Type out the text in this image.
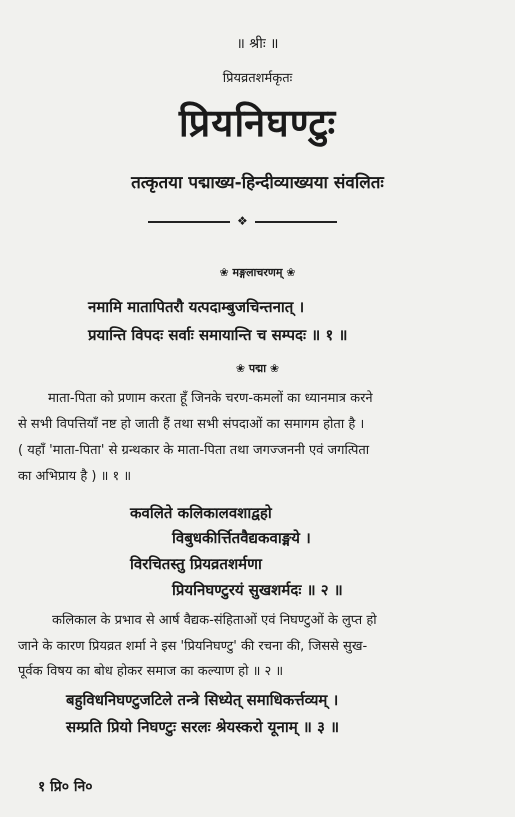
॥ श्रीः ॥
प्रियव्रतशर्मकृतः
प्रियनिघण्टुः
तत्कृतया पद्माख्य-हिन्दीव्याख्यया संवलितः
❖
❀ मङ्गलाचरणम् ❀
नमामि मातापितरौ यत्पदाम्बुजचिन्तनात् ।
प्रयान्ति विपदः सर्वाः समायान्ति च सम्पदः ॥ १ ॥
❀ पद्मा ❀
माता-पिता को प्रणाम करता हूँ जिनके चरण-कमलों का ध्यानमात्र करने
से सभी विपत्तियाँ नष्ट हो जाती हैं तथा सभी संपदाओं का समागम होता है ।
( यहाँ 'माता-पिता' से ग्रन्थकार के माता-पिता तथा जगज्जननी एवं जगत्पिता
का अभिप्राय है ) ॥ १ ॥
कवलिते कलिकालवशाद्वहो
विबुधकीर्त्तितवैद्यकवाङ्मये ।
विरचितस्तु प्रियव्रतशर्मणा
प्रियनिघण्टुरयं सुखशर्मदः ॥ २ ॥
कलिकाल के प्रभाव से आर्ष वैद्यक-संहिताओं एवं निघण्टुओं के लुप्त हो
जाने के कारण प्रियव्रत शर्मा ने इस 'प्रियनिघण्टु' की रचना की, जिससे सुख-
पूर्वक विषय का बोध होकर समाज का कल्याण हो ॥ २ ॥
बहुविधनिघण्टुजटिले तन्त्रे सिध्येत् समाधिकर्त्तव्यम् ।
सम्प्रति प्रियो निघण्टुः सरलः श्रेयस्करो यूनाम् ॥ ३ ॥
१ प्रि० नि०
